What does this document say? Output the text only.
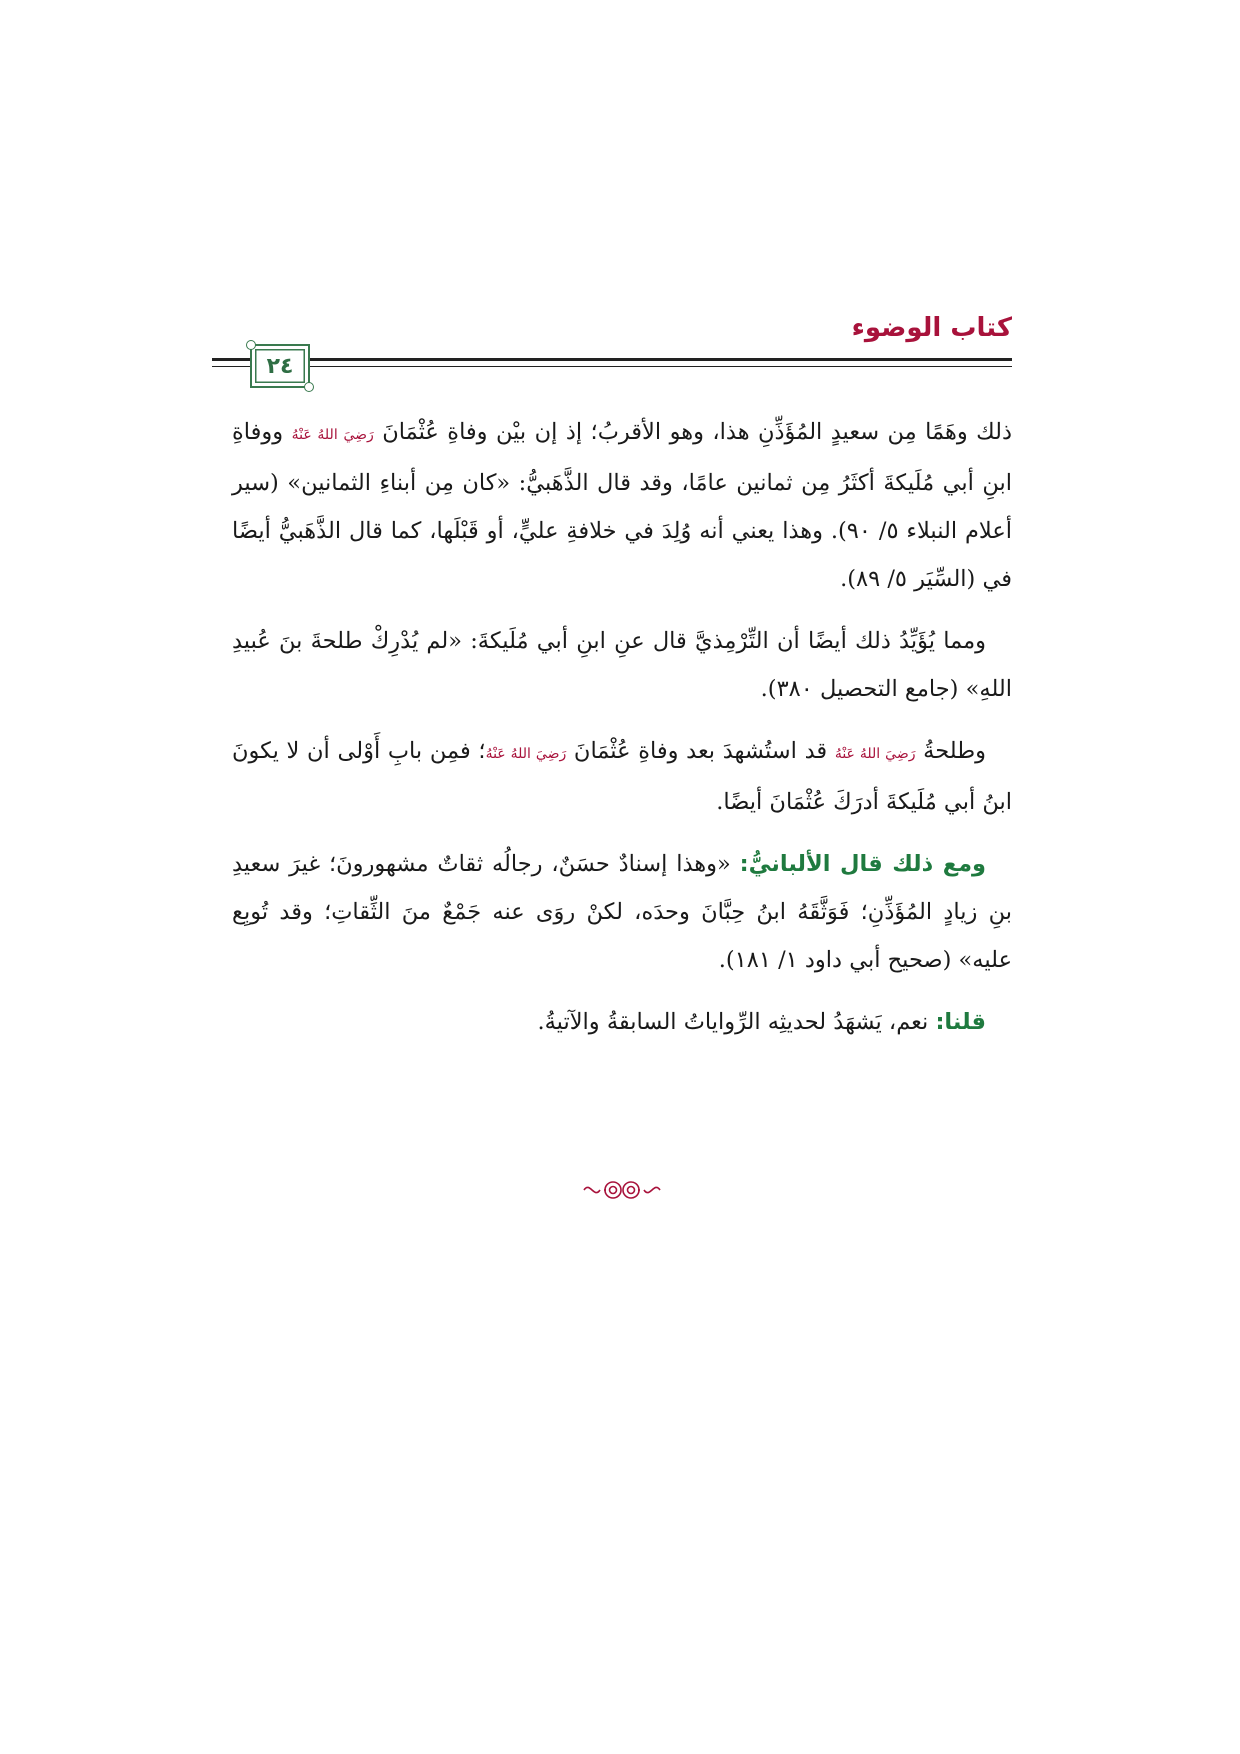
كتاب الوضوء
٢٤

ذلك وهَمًا مِن سعيدٍ المُؤَذِّنِ هذا، وهو الأقربُ؛ إذ إن بيْن وفاةِ عُثْمَانَ رَضِيَ اللهُ عَنْهُ ووفاةِ ابنِ أبي مُلَيكةَ أكثَرُ مِن ثمانين عامًا، وقد قال الذَّهَبيُّ: «كان مِن أبناءِ الثمانين» (سير أعلام النبلاء ٥/ ٩٠). وهذا يعني أنه وُلِدَ في خلافةِ عليٍّ، أو قَبْلَها، كما قال الذَّهَبيُّ أيضًا في (السِّيَر ٥/ ٨٩).

ومما يُؤَيِّدُ ذلك أيضًا أن التِّرْمِذيَّ قال عنِ ابنِ أبي مُلَيكةَ: «لم يُدْرِكْ طلحةَ بنَ عُبيدِ اللهِ» (جامع التحصيل ٣٨٠).

وطلحةُ رَضِيَ اللهُ عَنْهُ قد استُشهدَ بعد وفاةِ عُثْمَانَ رَضِيَ اللهُ عَنْهُ؛ فمِن بابِ أَوْلى أن لا يكونَ ابنُ أبي مُلَيكةَ أدرَكَ عُثْمَانَ أيضًا.

ومع ذلك قال الألبانيُّ: «وهذا إسنادٌ حسَنٌ، رجالُه ثقاتٌ مشهورونَ؛ غيرَ سعيدِ بنِ زيادٍ المُؤَذِّنِ؛ فَوَثَّقَهُ ابنُ حِبَّانَ وحدَه، لكنْ روَى عنه جَمْعٌ منَ الثِّقاتِ؛ وقد تُوبِع عليه» (صحيح أبي داود ١/ ١٨١).

قلنا: نعم، يَشهَدُ لحديثِه الرِّواياتُ السابقةُ والآتيةُ.
